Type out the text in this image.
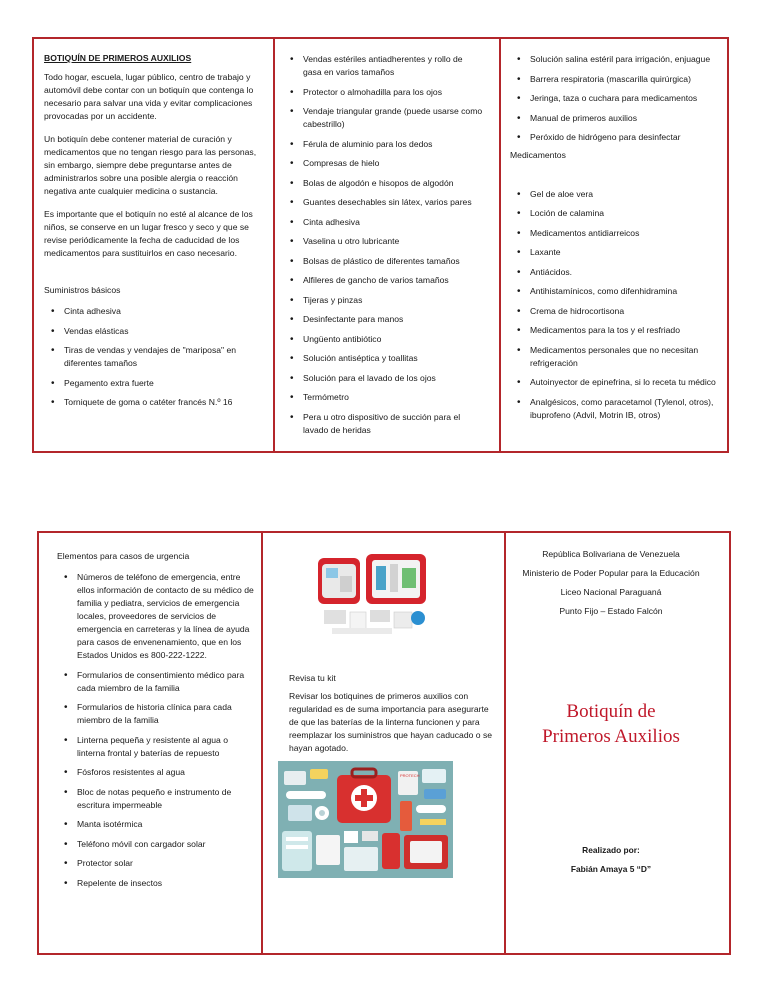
BOTIQUÍN DE PRIMEROS AUXILIOS

Todo hogar, escuela, lugar público, centro de trabajo y automóvil debe contar con un botiquín que contenga lo necesario para salvar una vida y evitar complicaciones provocadas por un accidente.

Un botiquín debe contener material de curación y medicamentos que no tengan riesgo para las personas, sin embargo, siempre debe preguntarse antes de administrarlos sobre una posible alergia o reacción negativa ante cualquier medicina o sustancia.

Es importante que el botiquín no esté al alcance de los niños, se conserve en un lugar fresco y seco y que se revise periódicamente la fecha de caducidad de los medicamentos para sustituirlos en caso necesario.

Suministros básicos
• Cinta adhesiva
• Vendas elásticas
• Tiras de vendas y vendajes de "mariposa" en diferentes tamaños
• Pegamento extra fuerte
• Torniquete de goma o catéter francés N.º 16
• Vendas estériles antiadherentes y rollo de gasa en varios tamaños
• Protector o almohadilla para los ojos
• Vendaje triangular grande (puede usarse como cabestrillo)
• Férula de aluminio para los dedos
• Compresas de hielo
• Bolas de algodón e hisopos de algodón
• Guantes desechables sin látex, varios pares
• Cinta adhesiva
• Vaselina u otro lubricante
• Bolsas de plástico de diferentes tamaños
• Alfileres de gancho de varios tamaños
• Tijeras y pinzas
• Desinfectante para manos
• Ungüento antibiótico
• Solución antiséptica y toallitas
• Solución para el lavado de los ojos
• Termómetro
• Pera u otro dispositivo de succión para el lavado de heridas
• Solución salina estéril para irrigación, enjuague
• Barrera respiratoria (mascarilla quirúrgica)
• Jeringa, taza o cuchara para medicamentos
• Manual de primeros auxilios
• Peróxido de hidrógeno para desinfectar
Medicamentos
• Gel de aloe vera
• Loción de calamina
• Medicamentos antidiarreicos
• Laxante
• Antiácidos.
• Antihistamínicos, como difenhidramina
• Crema de hidrocortisona
• Medicamentos para la tos y el resfriado
• Medicamentos personales que no necesitan refrigeración
• Autoinyector de epinefrina, si lo receta tu médico
• Analgésicos, como paracetamol (Tylenol, otros), ibuprofeno (Advil, Motrin IB, otros)
Elementos para casos de urgencia
• Números de teléfono de emergencia, entre ellos información de contacto de su médico de familia y pediatra, servicios de emergencia locales, proveedores de servicios de emergencia en carreteras y la línea de ayuda para casos de envenenamiento, que en los Estados Unidos es 800-222-1222.
• Formularios de consentimiento médico para cada miembro de la familia
• Formularios de historia clínica para cada miembro de la familia
• Linterna pequeña y resistente al agua o linterna frontal y baterías de repuesto
• Fósforos resistentes al agua
• Bloc de notas pequeño e instrumento de escritura impermeable
• Manta isotérmica
• Teléfono móvil con cargador solar
• Protector solar
• Repelente de insectos
Revisa tu kit

Revisar los botiquines de primeros auxilios con regularidad es de suma importancia para asegurarte de que las baterías de la linterna funcionen y para reemplazar los suministros que hayan caducado o se hayan agotado.

PROTECH
República Bolivariana de Venezuela
Ministerio de Poder Popular para la Educación
Liceo Nacional Paraguaná
Punto Fijo – Estado Falcón
Botiquín de
Primeros Auxilios
Realizado por:
Fabián Amaya 5 “D”
